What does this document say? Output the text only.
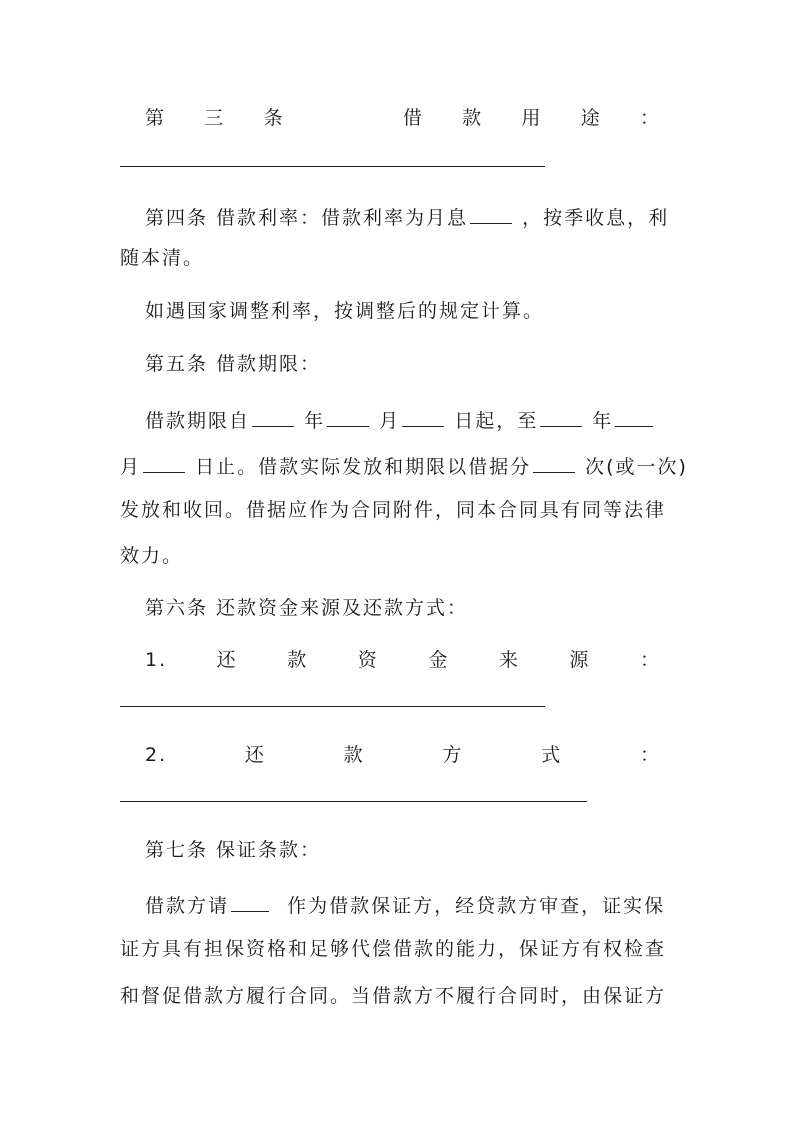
第 三 条	借 款 用 途 ：
第四条 借款利率：借款利率为月息	，按季收息，利
随本清。
如遇国家调整利率，按调整后的规定计算。
第五条 借款期限：
借款期限自	年	月	日起，至	年
月	日止。借款实际发放和期限以借据分	次(或一次)
发放和收回。借据应作为合同附件，同本合同具有同等法律
效力。
第六条 还款资金来源及还款方式：
1.	还	款	资	金	来	源	：
2.	还	款	方	式	：
第七条 保证条款：
借款方请	作为借款保证方，经贷款方审查，证实保
证方具有担保资格和足够代偿借款的能力，保证方有权检查
和督促借款方履行合同。当借款方不履行合同时，由保证方
